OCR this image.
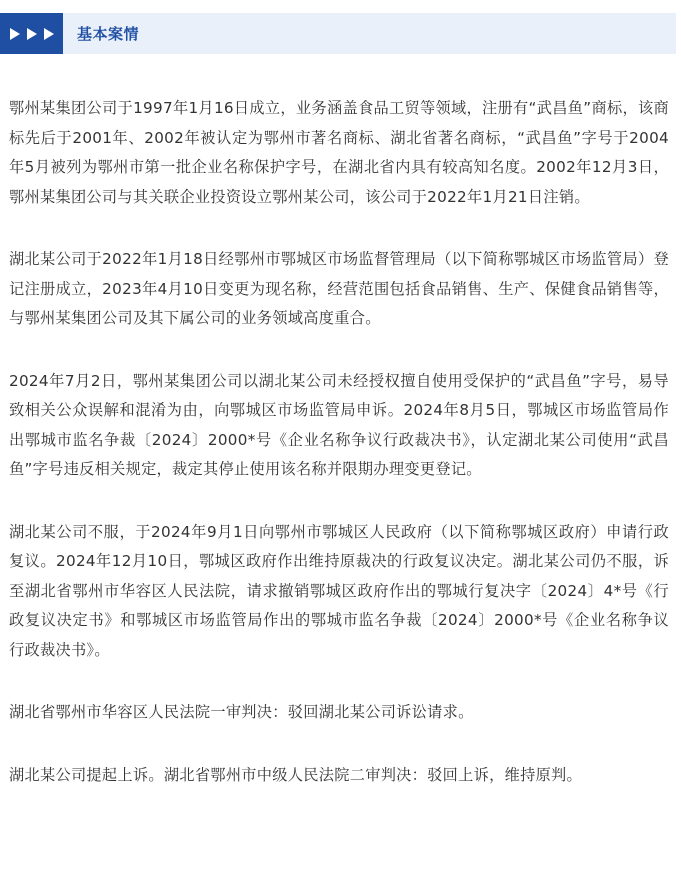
基本案情

鄂州某集团公司于1997年1月16日成立，业务涵盖食品工贸等领域，注册有“武昌鱼”商标，该商标先后于2001年、2002年被认定为鄂州市著名商标、湖北省著名商标，“武昌鱼”字号于2004年5月被列为鄂州市第一批企业名称保护字号，在湖北省内具有较高知名度。2002年12月3日，鄂州某集团公司与其关联企业投资设立鄂州某公司，该公司于2022年1月21日注销。

湖北某公司于2022年1月18日经鄂州市鄂城区市场监督管理局（以下简称鄂城区市场监管局）登记注册成立，2023年4月10日变更为现名称，经营范围包括食品销售、生产、保健食品销售等，与鄂州某集团公司及其下属公司的业务领域高度重合。

2024年7月2日，鄂州某集团公司以湖北某公司未经授权擅自使用受保护的“武昌鱼”字号，易导致相关公众误解和混淆为由，向鄂城区市场监管局申诉。2024年8月5日，鄂城区市场监管局作出鄂城市监名争裁〔2024〕2000*号《企业名称争议行政裁决书》，认定湖北某公司使用“武昌鱼”字号违反相关规定，裁定其停止使用该名称并限期办理变更登记。

湖北某公司不服，于2024年9月1日向鄂州市鄂城区人民政府（以下简称鄂城区政府）申请行政复议。2024年12月10日，鄂城区政府作出维持原裁决的行政复议决定。湖北某公司仍不服，诉至湖北省鄂州市华容区人民法院，请求撤销鄂城区政府作出的鄂城行复决字〔2024〕4*号《行政复议决定书》和鄂城区市场监管局作出的鄂城市监名争裁〔2024〕2000*号《企业名称争议行政裁决书》。

湖北省鄂州市华容区人民法院一审判决：驳回湖北某公司诉讼请求。

湖北某公司提起上诉。湖北省鄂州市中级人民法院二审判决：驳回上诉，维持原判。
